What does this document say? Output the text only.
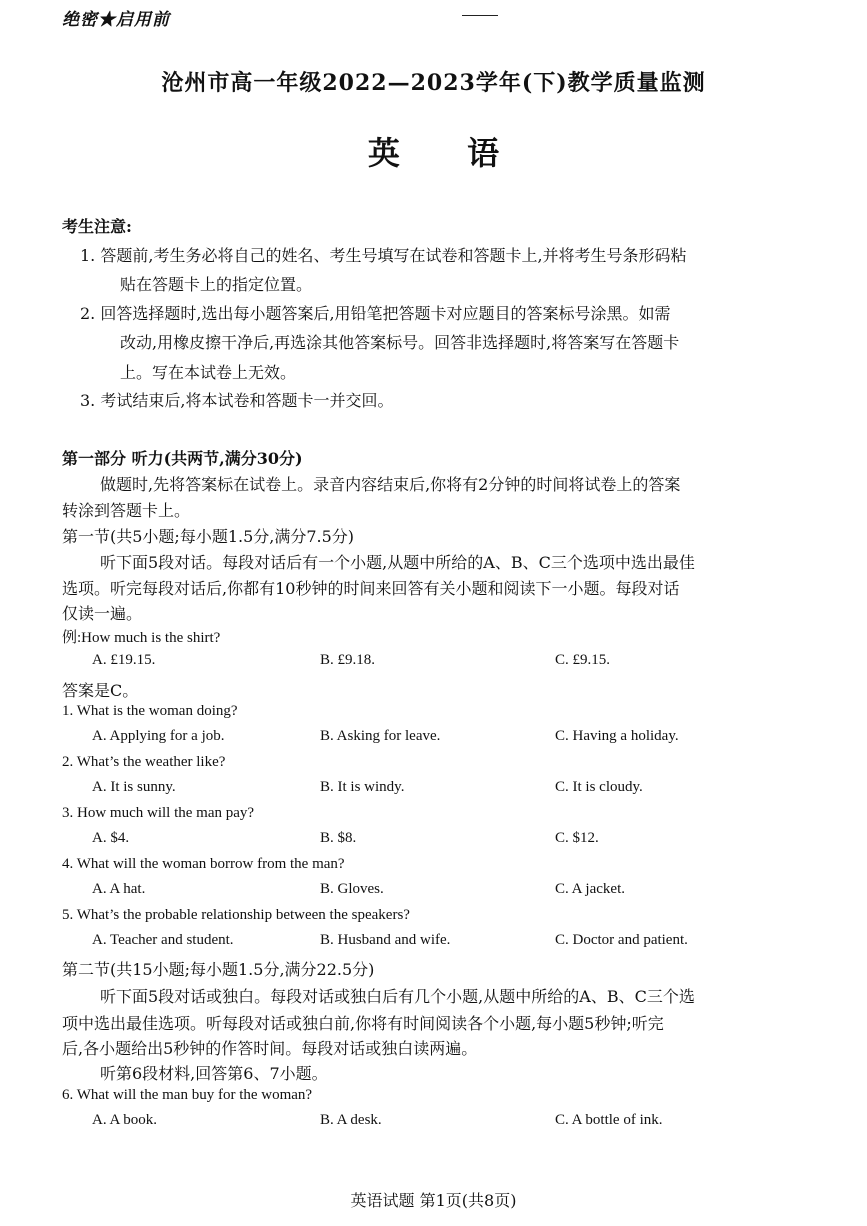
绝密★启用前
沧州市高一年级2022—2023学年(下)教学质量监测
英 语
考生注意:
1. 答题前,考生务必将自己的姓名、考生号填写在试卷和答题卡上,并将考生号条形码粘
贴在答题卡上的指定位置。
2. 回答选择题时,选出每小题答案后,用铅笔把答题卡对应题目的答案标号涂黑。如需
改动,用橡皮擦干净后,再选涂其他答案标号。回答非选择题时,将答案写在答题卡
上。写在本试卷上无效。
3. 考试结束后,将本试卷和答题卡一并交回。
第一部分 听力(共两节,满分30分)
做题时,先将答案标在试卷上。录音内容结束后,你将有2分钟的时间将试卷上的答案
转涂到答题卡上。
第一节(共5小题;每小题1.5分,满分7.5分)
听下面5段对话。每段对话后有一个小题,从题中所给的A、B、C三个选项中选出最佳
选项。听完每段对话后,你都有10秒钟的时间来回答有关小题和阅读下一小题。每段对话
仅读一遍。
例:How much is the shirt?
A. £19.15.	B. £9.18.	C. £9.15.
答案是C。
1. What is the woman doing?
A. Applying for a job.	B. Asking for leave.	C. Having a holiday.
2. What’s the weather like?
A. It is sunny.	B. It is windy.	C. It is cloudy.
3. How much will the man pay?
A. $4.	B. $8.	C. $12.
4. What will the woman borrow from the man?
A. A hat.	B. Gloves.	C. A jacket.
5. What’s the probable relationship between the speakers?
A. Teacher and student.	B. Husband and wife.	C. Doctor and patient.
第二节(共15小题;每小题1.5分,满分22.5分)
听下面5段对话或独白。每段对话或独白后有几个小题,从题中所给的A、B、C三个选
项中选出最佳选项。听每段对话或独白前,你将有时间阅读各个小题,每小题5秒钟;听完
后,各小题给出5秒钟的作答时间。每段对话或独白读两遍。
听第6段材料,回答第6、7小题。
6. What will the man buy for the woman?
A. A book.	B. A desk.	C. A bottle of ink.
英语试题 第1页(共8页)
